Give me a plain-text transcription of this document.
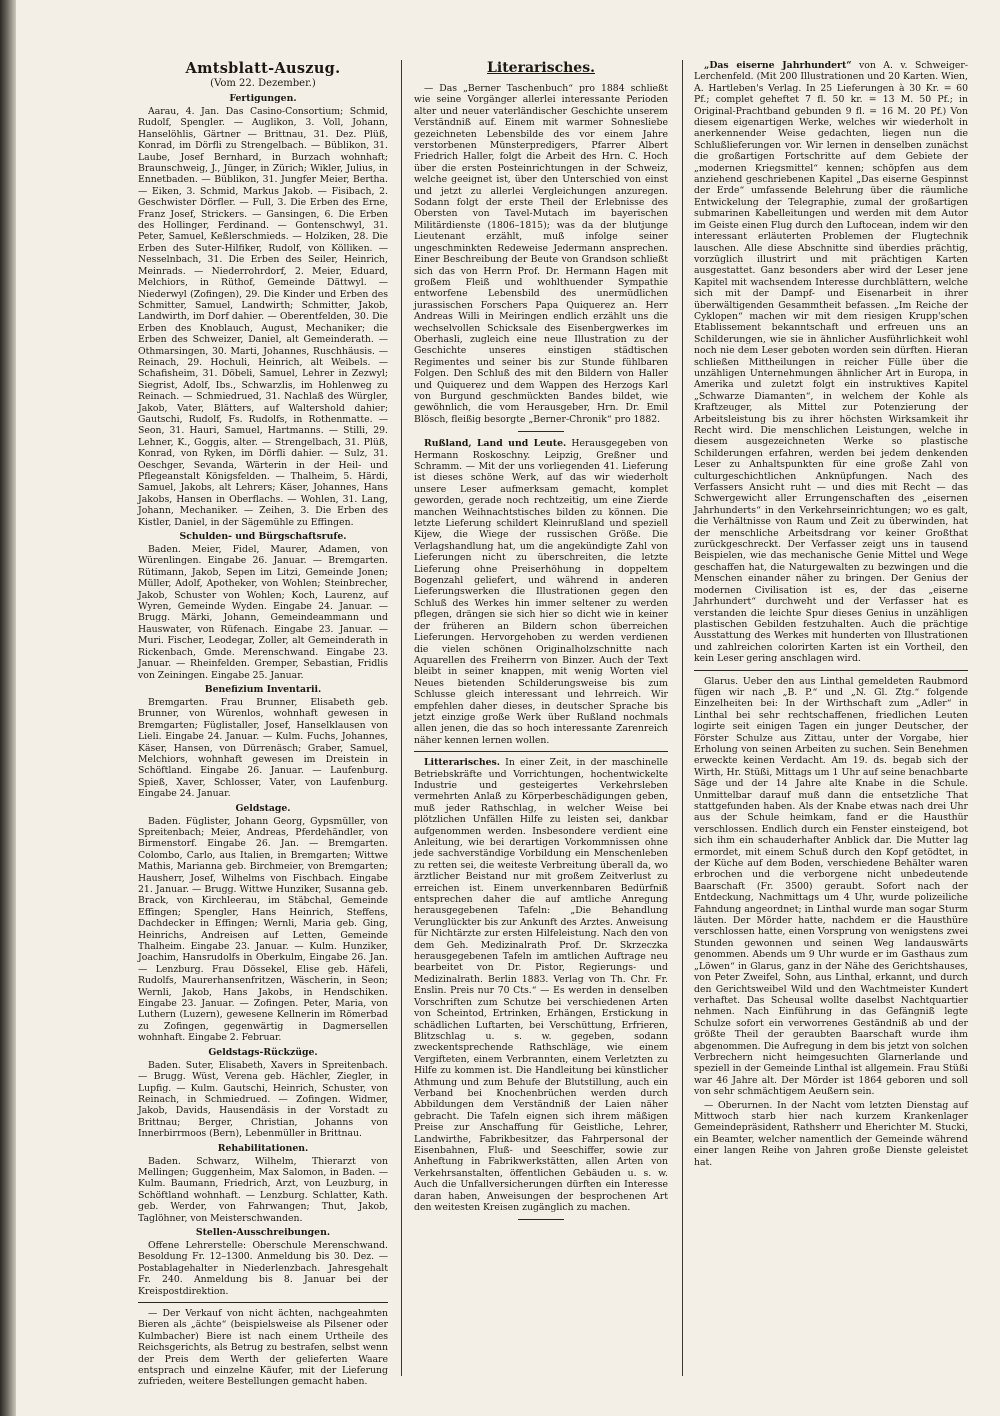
Amtsblatt-Auszug.
(Vom 22. Dezember.)
Fertigungen.

Aarau, 4. Jan. Das Casino-Consortium; Schmid, Rudolf, Spengler. — Auglikon, 3. Voll, Johann, Hanselöhlis, Gärtner — Brittnau, 31. Dez. Plüß, Konrad, im Dörfli zu Strengelbach. — Büblikon, 31. Laube, Josef Bernhard, in Burzach wohnhaft; Braunschweig, J., Jünger, in Zürich; Wikler, Julius, in Ennetbaden. — Büblikon, 31. Jungfer Meier, Bertha. — Eiken, 3. Schmid, Markus Jakob. — Fisibach, 2. Geschwister Dörfler. — Full, 3. Die Erben des Erne, Franz Josef, Strickers. — Gansingen, 6. Die Erben des Hollinger, Ferdinand. — Gontenschwyl, 31. Peter, Samuel, Keßlerschmieds. — Holziken, 28. Die Erben des Suter-Hilfiker, Rudolf, von Kölliken. — Nesselnbach, 31. Die Erben des Seiler, Heinrich, Meinrads. — Niederrohrdorf, 2. Meier, Eduard, Melchiors, in Rüthof, Gemeinde Dättwyl. — Niederwyl (Zofingen), 29. Die Kinder und Erben des Schmitter, Samuel, Landwirth; Schmitter, Jakob, Landwirth, im Dorf dahier. — Oberentfelden, 30. Die Erben des Knoblauch, August, Mechaniker; die Erben des Schweizer, Daniel, alt Gemeinderath. — Othmarsingen, 30. Marti, Johannes, Ruschhäusis. — Reinach, 29. Hochuli, Heinrich, alt Weibels. — Schafisheim, 31. Döbeli, Samuel, Lehrer in Zezwyl; Siegrist, Adolf, Ibs., Schwarzlis, im Hohlenweg zu Reinach. — Schmiedrued, 31. Nachlaß des Würgler, Jakob, Vater, Blätters, auf Waltershold dahier; Gautschi, Rudolf, Fs. Rudolfs, in Rothenmatte. — Seon, 31. Hauri, Samuel, Hartmanns. — Stilli, 29. Lehner, K., Goggis, alter. — Strengelbach, 31. Plüß, Konrad, von Ryken, im Dörfli dahier. — Sulz, 31. Oeschger, Sevanda, Wärterin in der Heil- und Pflegeanstalt Königsfelden. — Thalheim, 5. Härdi, Samuel, Jakobs, alt Lehrers; Käser, Johannes, Hans Jakobs, Hansen in Oberflachs. — Wohlen, 31. Lang, Johann, Mechaniker. — Zeihen, 3. Die Erben des Kistler, Daniel, in der Sägemühle zu Effingen.

Schulden- und Bürgschaftsrufe.

Baden. Meier, Fidel, Maurer, Adamen, von Würenlingen. Eingabe 26. Januar. — Bremgarten. Rütimann, Jakob, Sepen im Litzi, Gemeinde Jonen; Müller, Adolf, Apotheker, von Wohlen; Steinbrecher, Jakob, Schuster von Wohlen; Koch, Laurenz, auf Wyren, Gemeinde Wyden. Eingabe 24. Januar. — Brugg. Märki, Johann, Gemeindeammann und Hauswater, von Rüfenach. Eingabe 23. Januar. — Muri. Fischer, Leodegar, Zoller, alt Gemeinderath in Rickenbach, Gmde. Merenschwand. Eingabe 23. Januar. — Rheinfelden. Gremper, Sebastian, Fridlis von Zeiningen. Eingabe 25. Januar.

Benefizium Inventarii.

Bremgarten. Frau Brunner, Elisabeth geb. Brunner, von Würenlos, wohnhaft gewesen in Bremgarten; Füglistaller, Josef, Hanselklausen von Lieli. Eingabe 24. Januar. — Kulm. Fuchs, Johannes, Käser, Hansen, von Dürrenäsch; Graber, Samuel, Melchiors, wohnhaft gewesen im Dreistein in Schöftland. Eingabe 26. Januar. — Laufenburg. Spieß, Xaver, Schlosser, Vater, von Laufenburg. Eingabe 24. Januar.

Geldstage.

Baden. Füglister, Johann Georg, Gypsmüller, von Spreitenbach; Meier, Andreas, Pferdehändler, von Birmenstorf. Eingabe 26. Jan. — Bremgarten. Colombo, Carlo, aus Italien, in Bremgarten; Wittwe Mathis, Marianna geb. Birchmeier, von Bremgarten; Hausherr, Josef, Wilhelms von Fischbach. Eingabe 21. Januar. — Brugg. Wittwe Hunziker, Susanna geb. Brack, von Kirchleerau, im Stäbchal, Gemeinde Effingen; Spengler, Hans Heinrich, Steffens, Dachdecker in Effingen; Wernli, Maria geb. Ging, Heinrichs, Andreisen auf Letten, Gemeinde Thalheim. Eingabe 23. Januar. — Kulm. Hunziker, Joachim, Hansrudolfs in Oberkulm, Eingabe 26. Jan. — Lenzburg. Frau Dössekel, Elise geb. Häfeli, Rudolfs, Maurerhansenfritzen, Wäscherin, in Seon; Wernli, Jakob, Hans Jakobs, in Hendschiken. Eingabe 23. Januar. — Zofingen. Peter, Maria, von Luthern (Luzern), gewesene Kellnerin im Römerbad zu Zofingen, gegenwärtig in Dagmersellen wohnhaft. Eingabe 2. Februar.

Geldstags-Rückzüge.

Baden. Suter, Elisabeth, Xavers in Spreitenbach. — Brugg. Wüst, Verena geb. Hächler, Ziegler, in Lupfig. — Kulm. Gautschi, Heinrich, Schuster, von Reinach, in Schmiedrued. — Zofingen. Widmer, Jakob, Davids, Hausendäsis in der Vorstadt zu Brittnau; Berger, Christian, Johanns von Innerbirrmoos (Bern), Lebenmüller in Brittnau.

Rehabilitationen.

Baden. Schwarz, Wilhelm, Thierarzt von Mellingen; Guggenheim, Max Salomon, in Baden. — Kulm. Baumann, Friedrich, Arzt, von Leuzburg, in Schöftland wohnhaft. — Lenzburg. Schlatter, Kath. geb. Werder, von Fahrwangen; Thut, Jakob, Taglöhner, von Meisterschwanden.

Stellen-Ausschreibungen.

Offene Lehrerstelle: Oberschule Merenschwand. Besoldung Fr. 12–1300. Anmeldung bis 30. Dez. — Postablagehalter in Niederlenzbach. Jahresgehalt Fr. 240. Anmeldung bis 8. Januar bei der Kreispostdirektion.

— Der Verkauf von nicht ächten, nachgeahmten Bieren als „ächte“ (beispielsweise als Pilsener oder Kulmbacher) Biere ist nach einem Urtheile des Reichsgerichts, als Betrug zu bestrafen, selbst wenn der Preis dem Werth der gelieferten Waare entsprach und einzelne Käufer, mit der Lieferung zufrieden, weitere Bestellungen gemacht haben.

Literarisches.

— Das „Berner Taschenbuch“ pro 1884 schließt wie seine Vorgänger allerlei interessante Perioden alter und neuer vaterländischer Geschichte unserem Verständniß auf. Einem mit warmer Sohnesliebe gezeichneten Lebensbilde des vor einem Jahre verstorbenen Münsterpredigers, Pfarrer Albert Friedrich Haller, folgt die Arbeit des Hrn. C. Hoch über die ersten Posteinrichtungen in der Schweiz, welche geeignet ist, über den Unterschied von einst und jetzt zu allerlei Vergleichungen anzuregen. Sodann folgt der erste Theil der Erlebnisse des Obersten von Tavel-Mutach im bayerischen Militärdienste (1806–1815); was da der blutjunge Lieutenant erzählt, muß infolge seiner ungeschminkten Redeweise Jedermann ansprechen. Einer Beschreibung der Beute von Grandson schließt sich das von Herrn Prof. Dr. Hermann Hagen mit großem Fleiß und wohlthuender Sympathie entworfene Lebensbild des unermüdlichen jurassischen Forschers Papa Quiquerez an. Herr Andreas Willi in Meiringen endlich erzählt uns die wechselvollen Schicksale des Eisenbergwerkes im Oberhasli, zugleich eine neue Illustration zu der Geschichte unseres einstigen städtischen Regimentes und seiner bis zur Stunde fühlbaren Folgen. Den Schluß des mit den Bildern von Haller und Quiquerez und dem Wappen des Herzogs Karl von Burgund geschmückten Bandes bildet, wie gewöhnlich, die vom Herausgeber, Hrn. Dr. Emil Blösch, fleißig besorgte „Berner-Chronik“ pro 1882.

Rußland, Land und Leute. Herausgegeben von Hermann Roskoschny. Leipzig, Greßner und Schramm. — Mit der uns vorliegenden 41. Lieferung ist dieses schöne Werk, auf das wir wiederholt unsere Leser aufmerksam gemacht, komplet geworden, gerade noch rechtzeitig, um eine Zierde manchen Weihnachtstisches bilden zu können. Die letzte Lieferung schildert Kleinrußland und speziell Kijew, die Wiege der russischen Größe. Die Verlagshandlung hat, um die angekündigte Zahl von Lieferungen nicht zu überschreiten, die letzte Lieferung ohne Preiserhöhung in doppeltem Bogenzahl geliefert, und während in anderen Lieferungswerken die Illustrationen gegen den Schluß des Werkes hin immer seltener zu werden pflegen, drängen sie sich hier so dicht wie in keiner der früheren an Bildern schon überreichen Lieferungen. Hervorgehoben zu werden verdienen die vielen schönen Originalholzschnitte nach Aquarellen des Freiherrn von Binzer. Auch der Text bleibt in seiner knappen, mit wenig Worten viel Neues bietenden Schilderungsweise bis zum Schlusse gleich interessant und lehrreich. Wir empfehlen daher dieses, in deutscher Sprache bis jetzt einzige große Werk über Rußland nochmals allen jenen, die das so hoch interessante Zarenreich näher kennen lernen wollen.

Litterarisches. In einer Zeit, in der maschinelle Betriebskräfte und Vorrichtungen, hochentwickelte Industrie und gesteigertes Verkehrsleben vermehrten Anlaß zu Körperbeschädigungen geben, muß jeder Rathschlag, in welcher Weise bei plötzlichen Unfällen Hilfe zu leisten sei, dankbar aufgenommen werden. Insbesondere verdient eine Anleitung, wie bei derartigen Vorkommnissen ohne jede sachverständige Vorbildung ein Menschenleben zu retten sei, die weiteste Verbreitung überall da, wo ärztlicher Beistand nur mit großem Zeitverlust zu erreichen ist. Einem unverkennbaren Bedürfniß entsprechen daher die auf amtliche Anregung herausgegebenen Tafeln: „Die Behandlung Verunglückter bis zur Ankunft des Arztes. Anweisung für Nichtärzte zur ersten Hilfeleistung. Nach den von dem Geh. Medizinalrath Prof. Dr. Skrzeczka herausgegebenen Tafeln im amtlichen Auftrage neu bearbeitet von Dr. Pistor, Regierungs- und Medizinalrath. Berlin 1883. Verlag von Th. Chr. Fr. Enslin. Preis nur 70 Cts.“ — Es werden in denselben Vorschriften zum Schutze bei verschiedenen Arten von Scheintod, Ertrinken, Erhängen, Erstickung in schädlichen Luftarten, bei Verschüttung, Erfrieren, Blitzschlag u. s. w. gegeben, sodann zweckentsprechende Rathschläge, wie einem Vergifteten, einem Verbrannten, einem Verletzten zu Hilfe zu kommen ist. Die Handleitung bei künstlicher Athmung und zum Behufe der Blutstillung, auch ein Verband bei Knochenbrüchen werden durch Abbildungen dem Verständniß der Laien näher gebracht. Die Tafeln eignen sich ihrem mäßigen Preise zur Anschaffung für Geistliche, Lehrer, Landwirthe, Fabrikbesitzer, das Fahrpersonal der Eisenbahnen, Fluß- und Seeschiffer, sowie zur Anheftung in Fabrikwerkstätten, allen Arten von Verkehrsanstalten, öffentlichen Gebäuden u. s. w. Auch die Unfallversicherungen dürften ein Interesse daran haben, Anweisungen der besprochenen Art den weitesten Kreisen zugänglich zu machen.

„Das eiserne Jahrhundert“ von A. v. Schweiger-Lerchenfeld. (Mit 200 Illustrationen und 20 Karten. Wien, A. Hartleben's Verlag. In 25 Lieferungen à 30 Kr. = 60 Pf.; complet geheftet 7 fl. 50 kr. = 13 M. 50 Pf.; in Original-Prachtband gebunden 9 fl. = 16 M. 20 Pf.) Von diesem eigenartigen Werke, welches wir wiederholt in anerkennender Weise gedachten, liegen nun die Schlußlieferungen vor. Wir lernen in denselben zunächst die großartigen Fortschritte auf dem Gebiete der „modernen Kriegsmittel“ kennen; schöpfen aus dem anziehend geschriebenen Kapitel „Das eiserne Gespinnst der Erde“ umfassende Belehrung über die räumliche Entwickelung der Telegraphie, zumal der großartigen submarinen Kabelleitungen und werden mit dem Autor im Geiste einen Flug durch den Luftocean, indem wir den interessant erläuterten Problemen der Flugtechnik lauschen. Alle diese Abschnitte sind überdies prächtig, vorzüglich illustrirt und mit prächtigen Karten ausgestattet. Ganz besonders aber wird der Leser jene Kapitel mit wachsendem Interesse durchblättern, welche sich mit der Dampf- und Eisenarbeit in ihrer überwältigenden Gesammtheit befassen. „Im Reiche der Cyklopen“ machen wir mit dem riesigen Krupp'schen Etablissement bekanntschaft und erfreuen uns an Schilderungen, wie sie in ähnlicher Ausführlichkeit wohl noch nie dem Leser geboten worden sein dürften. Hieran schließen Mittheilungen in reicher Fülle über die unzähligen Unternehmungen ähnlicher Art in Europa, in Amerika und zuletzt folgt ein instruktives Kapitel „Schwarze Diamanten“, in welchem der Kohle als Kraftzeuger, als Mittel zur Potenzierung der Arbeitsleistung bis zu ihrer höchsten Wirksamkeit ihr Recht wird. Die menschlichen Leistungen, welche in diesem ausgezeichneten Werke so plastische Schilderungen erfahren, werden bei jedem denkenden Leser zu Anhaltspunkten für eine große Zahl von culturgeschichtlichen Anknüpfungen. Nach des Verfassers Ansicht ruht — und dies mit Recht — das Schwergewicht aller Errungenschaften des „eisernen Jahrhunderts“ in den Verkehrseinrichtungen; wo es galt, die Verhältnisse von Raum und Zeit zu überwinden, hat der menschliche Arbeitsdrang vor keiner Großthat zurückgeschreckt. Der Verfasser zeigt uns in tausend Beispielen, wie das mechanische Genie Mittel und Wege geschaffen hat, die Naturgewalten zu bezwingen und die Menschen einander näher zu bringen. Der Genius der modernen Civilisation ist es, der das „eiserne Jahrhundert“ durchweht und der Verfasser hat es verstanden die leichte Spur dieses Genius in unzähligen plastischen Gebilden festzuhalten. Auch die prächtige Ausstattung des Werkes mit hunderten von Illustrationen und zahlreichen colorirten Karten ist ein Vortheil, den kein Leser gering anschlagen wird.

Glarus. Ueber den aus Linthal gemeldeten Raubmord fügen wir nach „B. P.“ und „N. Gl. Ztg.“ folgende Einzelheiten bei: In der Wirthschaft zum „Adler“ in Linthal bei sehr rechtschaffenen, friedlichen Leuten logirte seit einigen Tagen ein junger Deutscher, der Förster Schulze aus Zittau, unter der Vorgabe, hier Erholung von seinen Arbeiten zu suchen. Sein Benehmen erweckte keinen Verdacht. Am 19. ds. begab sich der Wirth, Hr. Stüßi, Mittags um 1 Uhr auf seine benachbarte Säge und der 14 Jahre alte Knabe in die Schule. Unmittelbar darauf muß dann die entsetzliche That stattgefunden haben. Als der Knabe etwas nach drei Uhr aus der Schule heimkam, fand er die Hausthür verschlossen. Endlich durch ein Fenster einsteigend, bot sich ihm ein schauderhafter Anblick dar. Die Mutter lag ermordet, mit einem Schuß durch den Kopf getödtet, in der Küche auf dem Boden, verschiedene Behälter waren erbrochen und die verborgene nicht unbedeutende Baarschaft (Fr. 3500) geraubt. Sofort nach der Entdeckung, Nachmittags um 4 Uhr, wurde polizeiliche Fahndung angeordnet; in Linthal wurde man sogar Sturm läuten. Der Mörder hatte, nachdem er die Hausthüre verschlossen hatte, einen Vorsprung von wenigstens zwei Stunden gewonnen und seinen Weg landauswärts genommen. Abends um 9 Uhr wurde er im Gasthaus zum „Löwen“ in Glarus, ganz in der Nähe des Gerichtshauses, von Peter Zweifel, Sohn, aus Linthal, erkannt, und durch den Gerichtsweibel Wild und den Wachtmeister Kundert verhaftet. Das Scheusal wollte daselbst Nachtquartier nehmen. Nach Einführung in das Gefängniß legte Schulze sofort ein verworrenes Geständniß ab und der größte Theil der geraubten Baarschaft wurde ihm abgenommen. Die Aufregung in dem bis jetzt von solchen Verbrechern nicht heimgesuchten Glarnerlande und speziell in der Gemeinde Linthal ist allgemein. Frau Stüßi war 46 Jahre alt. Der Mörder ist 1864 geboren und soll von sehr schmächtigem Aeußern sein.

— Oberurnen. In der Nacht vom letzten Dienstag auf Mittwoch starb hier nach kurzem Krankenlager Gemeindepräsident, Rathsherr und Eherichter M. Stucki, ein Beamter, welcher namentlich der Gemeinde während einer langen Reihe von Jahren große Dienste geleistet hat.
